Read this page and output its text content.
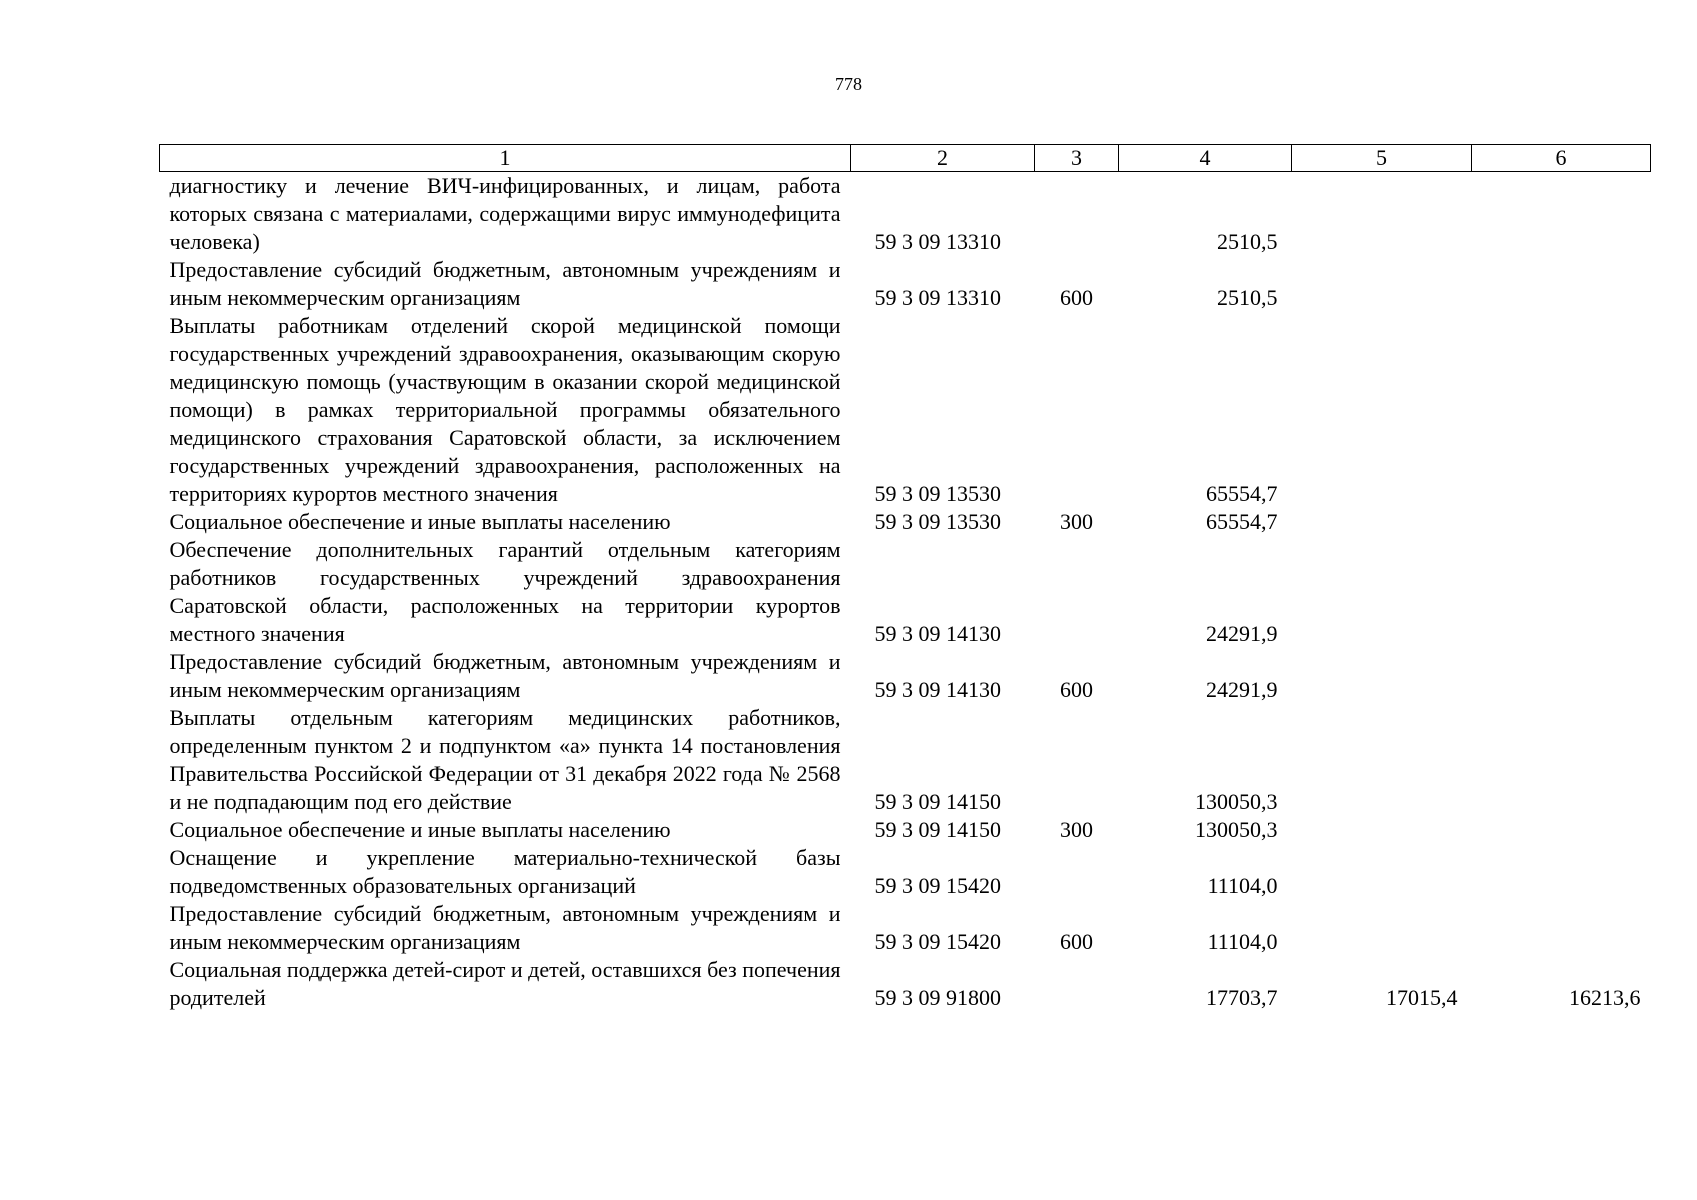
778
1	2	3	4	5	6
диагностику и лечение ВИЧ-инфицированных, и лицам, работа которых связана с материалами, содержащими вирус иммунодефицита человека)	59 3 09 13310		2510,5		
Предоставление субсидий бюджетным, автономным учреждениям и иным некоммерческим организациям	59 3 09 13310	600	2510,5		
Выплаты работникам отделений скорой медицинской помощи государственных учреждений здравоохранения, оказывающим скорую медицинскую помощь (участвующим в оказании скорой медицинской помощи) в рамках территориальной программы обязательного медицинского страхования Саратовской области, за исключением государственных учреждений здравоохранения, расположенных на территориях курортов местного значения	59 3 09 13530		65554,7		
Социальное обеспечение и иные выплаты населению	59 3 09 13530	300	65554,7		
Обеспечение дополнительных гарантий отдельным категориям работников государственных учреждений здравоохранения Саратовской области, расположенных на территории курортов местного значения	59 3 09 14130		24291,9		
Предоставление субсидий бюджетным, автономным учреждениям и иным некоммерческим организациям	59 3 09 14130	600	24291,9		
Выплаты отдельным категориям медицинских работников, определенным пунктом 2 и подпунктом «а» пункта 14 постановления Правительства Российской Федерации от 31 декабря 2022 года № 2568 и не подпадающим под его действие	59 3 09 14150		130050,3		
Социальное обеспечение и иные выплаты населению	59 3 09 14150	300	130050,3		
Оснащение и укрепление материально-технической базы подведомственных образовательных организаций	59 3 09 15420		11104,0		
Предоставление субсидий бюджетным, автономным учреждениям и иным некоммерческим организациям	59 3 09 15420	600	11104,0		
Социальная поддержка детей-сирот и детей, оставшихся без попечения родителей	59 3 09 91800		17703,7	17015,4	16213,6
